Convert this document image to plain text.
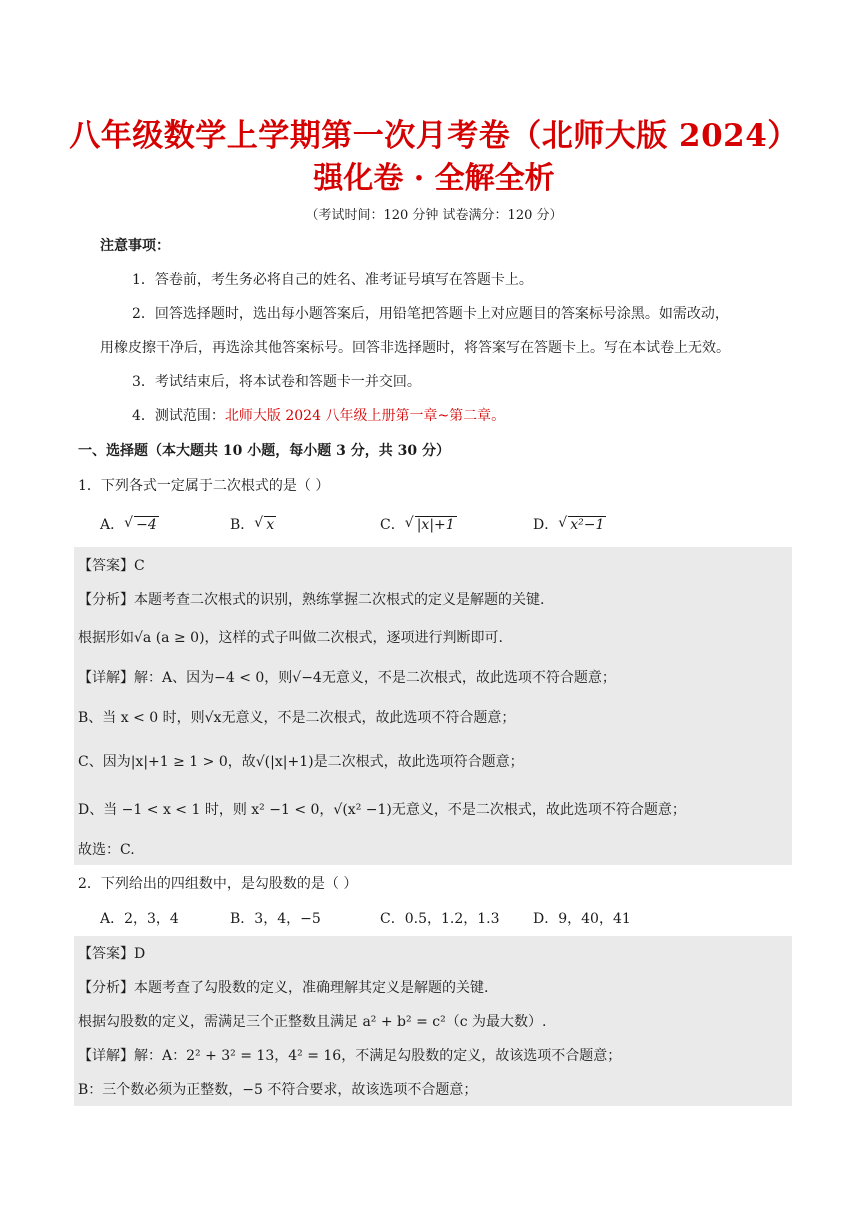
八年级数学上学期第一次月考卷（北师大版 2024）
强化卷 · 全解全析
（考试时间：120 分钟 试卷满分：120 分）
注意事项：
1．答卷前，考生务必将自己的姓名、准考证号填写在答题卡上。
2．回答选择题时，选出每小题答案后，用铅笔把答题卡上对应题目的答案标号涂黑。如需改动，
用橡皮擦干净后，再选涂其他答案标号。回答非选择题时，将答案写在答题卡上。写在本试卷上无效。
3．考试结束后，将本试卷和答题卡一并交回。
4．测试范围：北师大版 2024 八年级上册第一章~第二章。
一、选择题（本大题共 10 小题，每小题 3 分，共 30 分）
1．下列各式一定属于二次根式的是（ ）
A． √ −4	B． √ x	C． √ |x|+1	D． √ x²−1
【答案】C
【分析】本题考查二次根式的识别，熟练掌握二次根式的定义是解题的关键.
根据形如√a (a ≥ 0)，这样的式子叫做二次根式，逐项进行判断即可.
【详解】解：A、因为−4 < 0，则√−4无意义，不是二次根式，故此选项不符合题意；
B、当 x < 0 时，则√x无意义，不是二次根式，故此选项不符合题意；
C、因为|x|+1 ≥ 1 > 0，故√(|x|+1)是二次根式，故此选项符合题意；
D、当 −1 < x < 1 时，则 x² −1 < 0，√(x² −1)无意义，不是二次根式，故此选项不符合题意；
故选：C.
2．下列给出的四组数中，是勾股数的是（ ）
A．2，3，4	B．3，4，−5	C．0.5，1.2，1.3 D．9，40，41
【答案】D
【分析】本题考查了勾股数的定义，准确理解其定义是解题的关键.
根据勾股数的定义，需满足三个正整数且满足 a² + b² = c²（c 为最大数）.
【详解】解：A：2² + 3² = 13，4² = 16，不满足勾股数的定义，故该选项不合题意；
B：三个数必须为正整数，−5 不符合要求，故该选项不合题意；
